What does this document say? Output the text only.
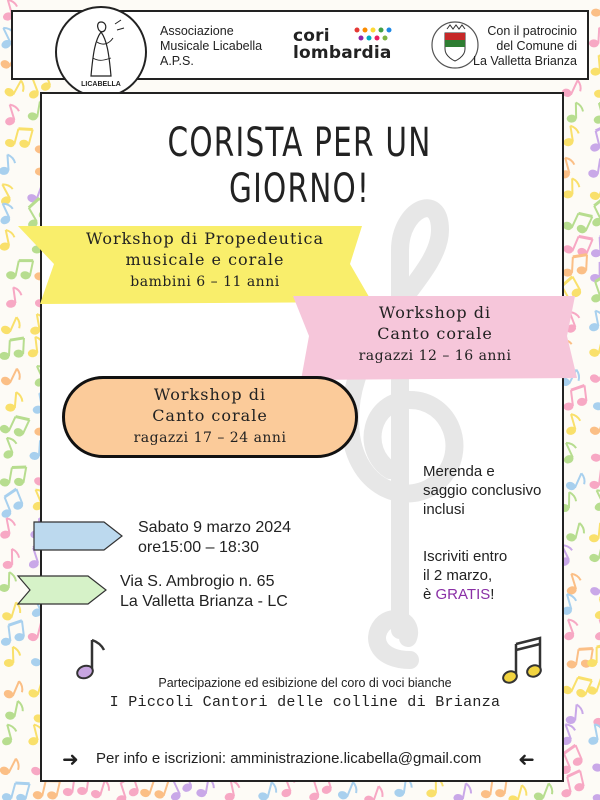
LICABELLA
Associazione
Musicale Licabella
A.P.S.
cori
lombardia
Con il patrocinio
del Comune di
La Valletta Brianza
CORISTA PER UN GIORNO!
Workshop di Propedeutica
musicale e corale
bambini 6 – 11 anni
Workshop di
Canto corale
ragazzi 12 – 16 anni
Workshop di
Canto corale
ragazzi 17 – 24 anni
Sabato 9 marzo 2024
ore15:00 – 18:30
Via S. Ambrogio n. 65
La Valletta Brianza - LC
Merenda e
saggio conclusivo
inclusi
Iscriviti entro
il 2 marzo,
è GRATIS!
Partecipazione ed esibizione del coro di voci bianche
I Piccoli Cantori delle colline di Brianza
➜ Per info e iscrizioni: amministrazione.licabella@gmail.com ➜
